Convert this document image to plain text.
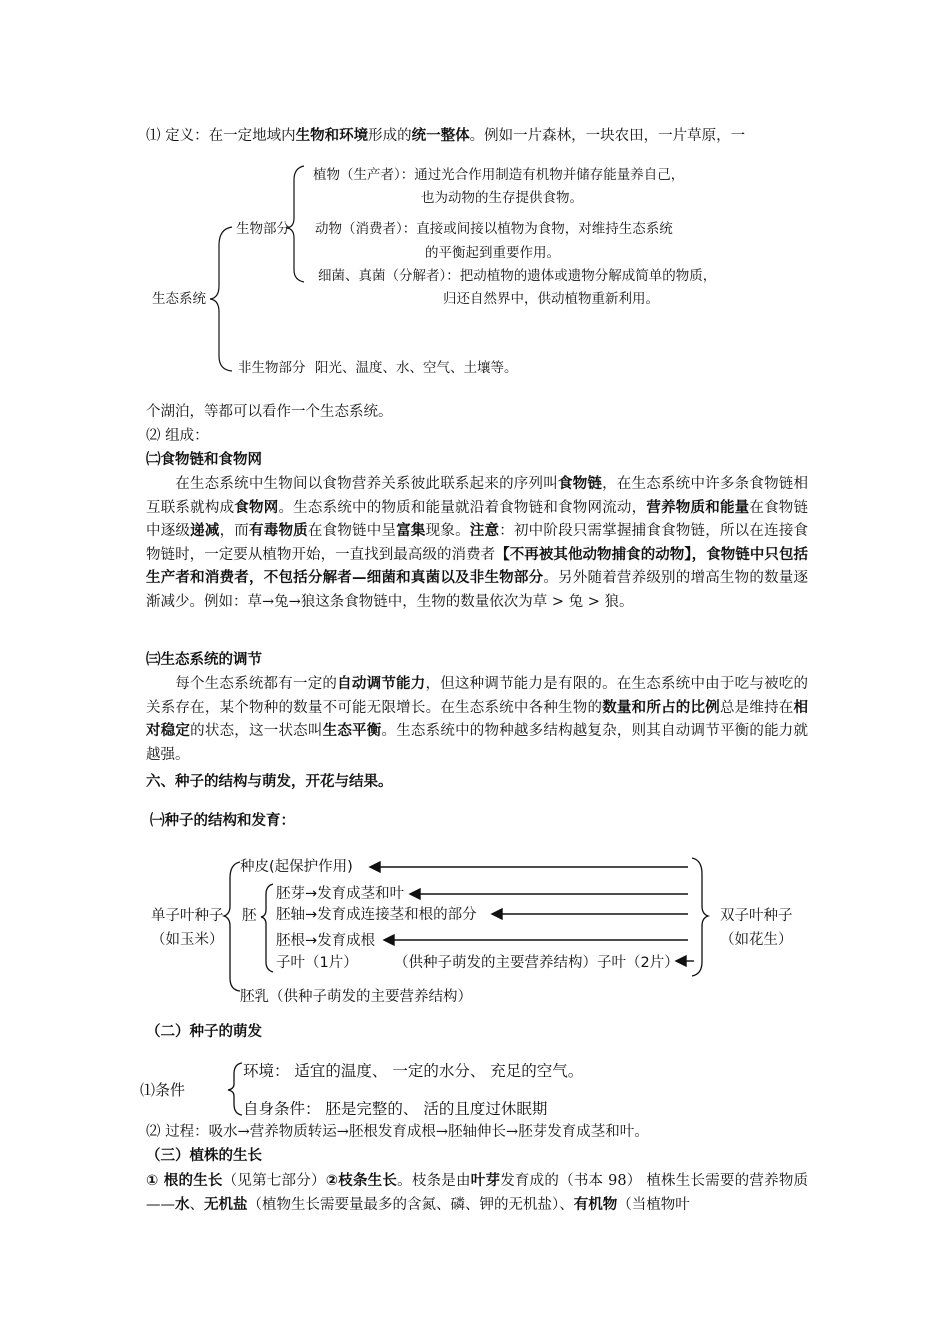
⑴ 定义：在一定地域内生物和环境形成的统一整体。例如一片森林，一块农田，一片草原，一
生态系统
生物部分
植物（生产者）：通过光合作用制造有机物并储存能量养自己，
也为动物的生存提供食物。
动物（消费者）：直接或间接以植物为食物，对维持生态系统
的平衡起到重要作用。
细菌、真菌（分解者）：把动植物的遗体或遗物分解成简单的物质，
归还自然界中，供动植物重新利用。
非生物部分 阳光、温度、水、空气、土壤等。
个湖泊，等都可以看作一个生态系统。
⑵ 组成：
㈡食物链和食物网
在生态系统中生物间以食物营养关系彼此联系起来的序列叫食物链，在生态系统中许多条食物链相互联系就构成食物网。生态系统中的物质和能量就沿着食物链和食物网流动，营养物质和能量在食物链中逐级递减，而有毒物质在食物链中呈富集现象。注意：初中阶段只需掌握捕食食物链，所以在连接食物链时，一定要从植物开始，一直找到最高级的消费者【不再被其他动物捕食的动物】，食物链中只包括生产者和消费者，不包括分解者—细菌和真菌以及非生物部分。另外随着营养级别的增高生物的数量逐渐减少。例如：草→兔→狼这条食物链中，生物的数量依次为草 > 兔 > 狼。
㈢生态系统的调节
每个生态系统都有一定的自动调节能力，但这种调节能力是有限的。在生态系统中由于吃与被吃的关系存在，某个物种的数量不可能无限增长。在生态系统中各种生物的数量和所占的比例总是维持在相对稳定的状态，这一状态叫生态平衡。生态系统中的物种越多结构越复杂，则其自动调节平衡的能力就越强。
六、种子的结构与萌发，开花与结果。
㈠种子的结构和发育：
单子叶种子
（如玉米）
双子叶种子
（如花生）
种皮(起保护作用)
胚
胚芽→发育成茎和叶
胚轴→发育成连接茎和根的部分
胚根→发育成根
子叶（1片）	（供种子萌发的主要营养结构）子叶（2片）
胚乳（供种子萌发的主要营养结构）
（二）种子的萌发
⑴条件
环境： 适宜的温度、 一定的水分、 充足的空气。
自身条件： 胚是完整的、 活的且度过休眠期
⑵ 过程：吸水→营养物质转运→胚根发育成根→胚轴伸长→胚芽发育成茎和叶。
（三）植株的生长
① 根的生长（见第七部分）②枝条生长。枝条是由叶芽发育成的（书本 98） 植株生长需要的营养物质——水、无机盐（植物生长需要量最多的含氮、磷、钾的无机盐）、有机物（当植物叶
